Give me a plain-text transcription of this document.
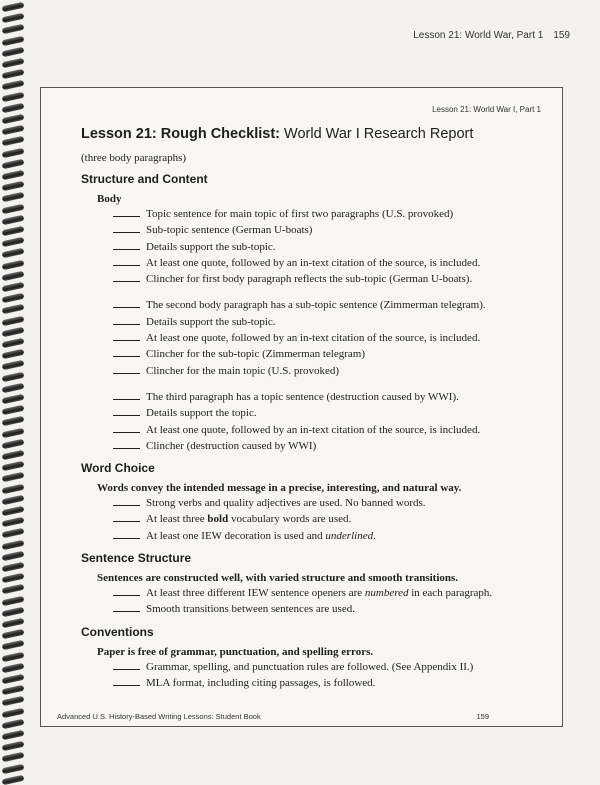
Lesson 21: World War, Part 1 159
Lesson 21: World War I, Part 1
Lesson 21: Rough Checklist: World War I Research Report
(three body paragraphs)
Structure and Content
Body
Topic sentence for main topic of first two paragraphs (U.S. provoked)
Sub-topic sentence (German U-boats)
Details support the sub-topic.
At least one quote, followed by an in-text citation of the source, is included.
Clincher for first body paragraph reflects the sub-topic (German U-boats).
The second body paragraph has a sub-topic sentence (Zimmerman telegram).
Details support the sub-topic.
At least one quote, followed by an in-text citation of the source, is included.
Clincher for the sub-topic (Zimmerman telegram)
Clincher for the main topic (U.S. provoked)
The third paragraph has a topic sentence (destruction caused by WWI).
Details support the topic.
At least one quote, followed by an in-text citation of the source, is included.
Clincher (destruction caused by WWI)
Word Choice
Words convey the intended message in a precise, interesting, and natural way.
Strong verbs and quality adjectives are used. No banned words.
At least three bold vocabulary words are used.
At least one IEW decoration is used and underlined.
Sentence Structure
Sentences are constructed well, with varied structure and smooth transitions.
At least three different IEW sentence openers are numbered in each paragraph.
Smooth transitions between sentences are used.
Conventions
Paper is free of grammar, punctuation, and spelling errors.
Grammar, spelling, and punctuation rules are followed. (See Appendix II.)
MLA format, including citing passages, is followed.
Advanced U.S. History-Based Writing Lessons: Student Book	159
